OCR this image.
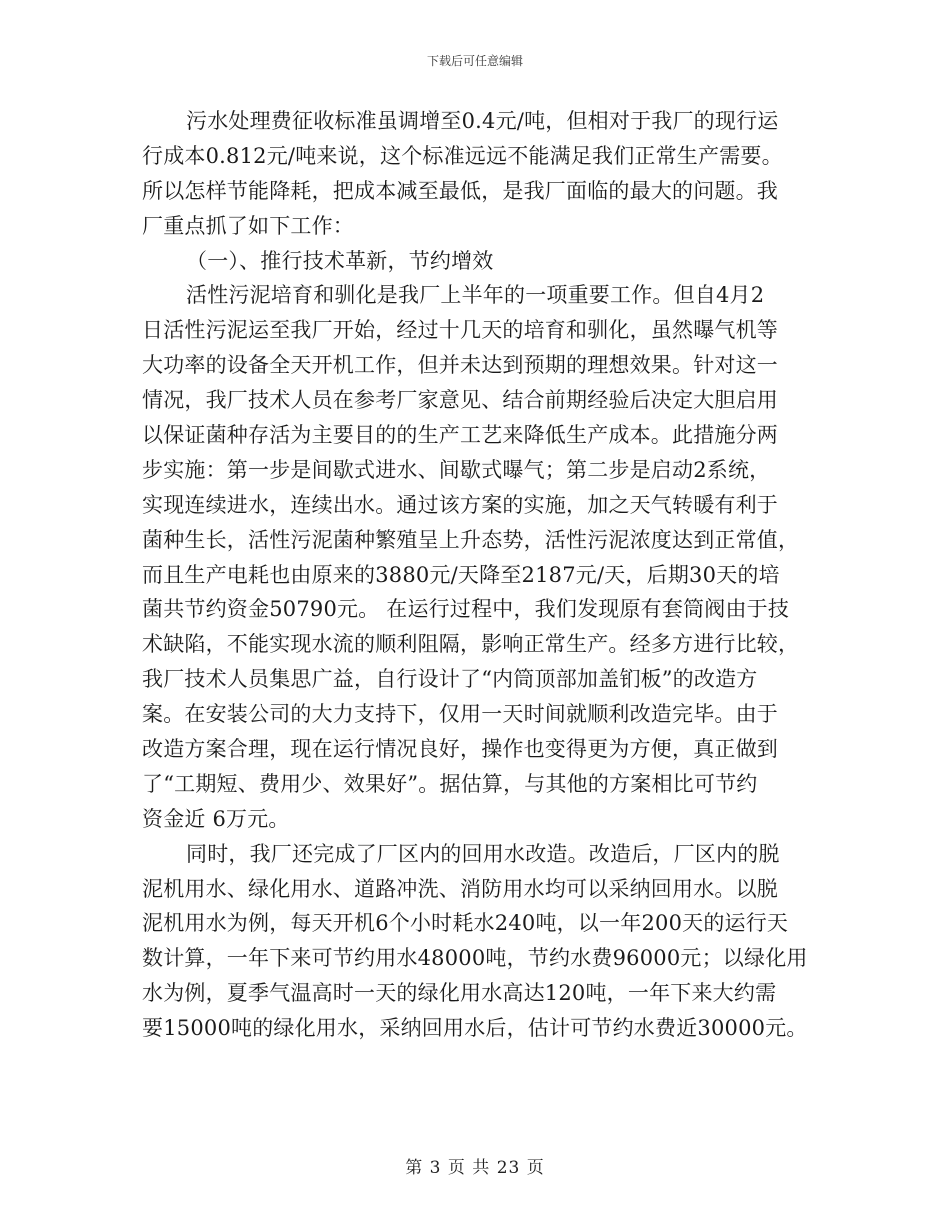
下载后可任意编辑

污水处理费征收标准虽调增至0.4元/吨，但相对于我厂的现行运
行成本0.812元/吨来说，这个标准远远不能满足我们正常生产需要。
所以怎样节能降耗，把成本减至最低，是我厂面临的最大的问题。我
厂重点抓了如下工作：

（一）、推行技术革新，节约增效

活性污泥培育和驯化是我厂上半年的一项重要工作。但自4月2
日活性污泥运至我厂开始，经过十几天的培育和驯化，虽然曝气机等
大功率的设备全天开机工作，但并未达到预期的理想效果。针对这一
情况，我厂技术人员在参考厂家意见、结合前期经验后决定大胆启用
以保证菌种存活为主要目的的生产工艺来降低生产成本。此措施分两
步实施：第一步是间歇式进水、间歇式曝气；第二步是启动2系统，
实现连续进水，连续出水。通过该方案的实施，加之天气转暖有利于
菌种生长，活性污泥菌种繁殖呈上升态势，活性污泥浓度达到正常值，
而且生产电耗也由原来的3880元/天降至2187元/天，后期30天的培
菌共节约资金50790元。 在运行过程中，我们发现原有套筒阀由于技
术缺陷，不能实现水流的顺利阻隔，影响正常生产。经多方进行比较，
我厂技术人员集思广益，自行设计了“内筒顶部加盖钔板”的改造方
案。在安装公司的大力支持下，仅用一天时间就顺利改造完毕。由于
改造方案合理，现在运行情况良好，操作也变得更为方便，真正做到
了“工期短、费用少、效果好”。据估算，与其他的方案相比可节约
资金近 6万元。

同时，我厂还完成了厂区内的回用水改造。改造后，厂区内的脱
泥机用水、绿化用水、道路冲洗、消防用水均可以采纳回用水。以脱
泥机用水为例，每天开机6个小时耗水240吨，以一年200天的运行天
数计算，一年下来可节约用水48000吨，节约水费96000元；以绿化用
水为例，夏季气温高时一天的绿化用水高达120吨，一年下来大约需
要15000吨的绿化用水，采纳回用水后，估计可节约水费近30000元。

第 3 页 共 23 页
